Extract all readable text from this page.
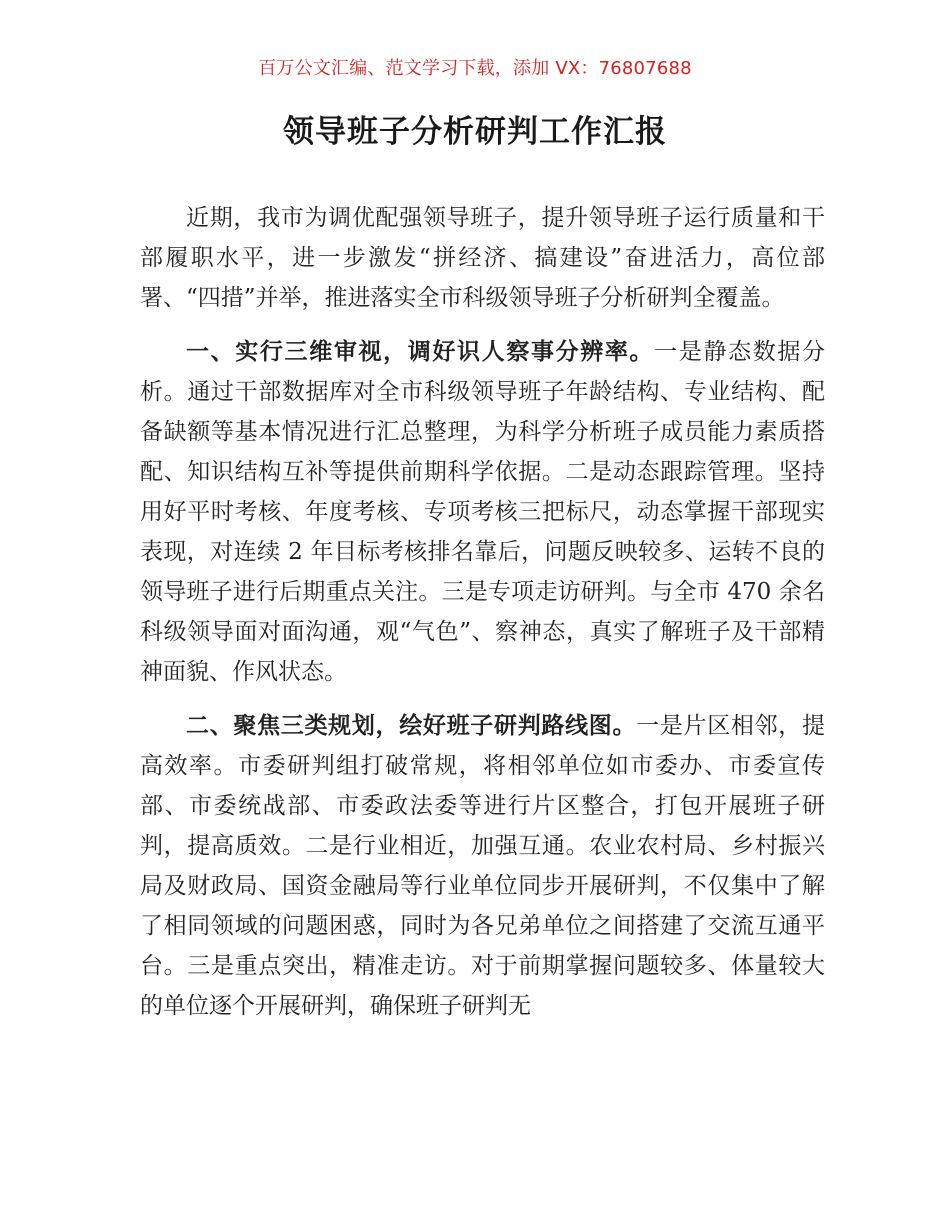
百万公文汇编、范文学习下载，添加 VX：76807688
领导班子分析研判工作汇报

近期，我市为调优配强领导班子，提升领导班子运行质量和干部履职水平，进一步激发“拼经济、搞建设”奋进活力，高位部署、“四措”并举，推进落实全市科级领导班子分析研判全覆盖。

一、实行三维审视，调好识人察事分辨率。一是静态数据分析。通过干部数据库对全市科级领导班子年龄结构、专业结构、配备缺额等基本情况进行汇总整理，为科学分析班子成员能力素质搭配、知识结构互补等提供前期科学依据。二是动态跟踪管理。坚持用好平时考核、年度考核、专项考核三把标尺，动态掌握干部现实表现，对连续 2 年目标考核排名靠后，问题反映较多、运转不良的领导班子进行后期重点关注。三是专项走访研判。与全市 470 余名科级领导面对面沟通，观“气色”、察神态，真实了解班子及干部精神面貌、作风状态。

二、聚焦三类规划，绘好班子研判路线图。一是片区相邻，提高效率。市委研判组打破常规，将相邻单位如市委办、市委宣传部、市委统战部、市委政法委等进行片区整合，打包开展班子研判，提高质效。二是行业相近，加强互通。农业农村局、乡村振兴局及财政局、国资金融局等行业单位同步开展研判，不仅集中了解了相同领域的问题困惑，同时为各兄弟单位之间搭建了交流互通平台。三是重点突出，精准走访。对于前期掌握问题较多、体量较大的单位逐个开展研判，确保班子研判无
